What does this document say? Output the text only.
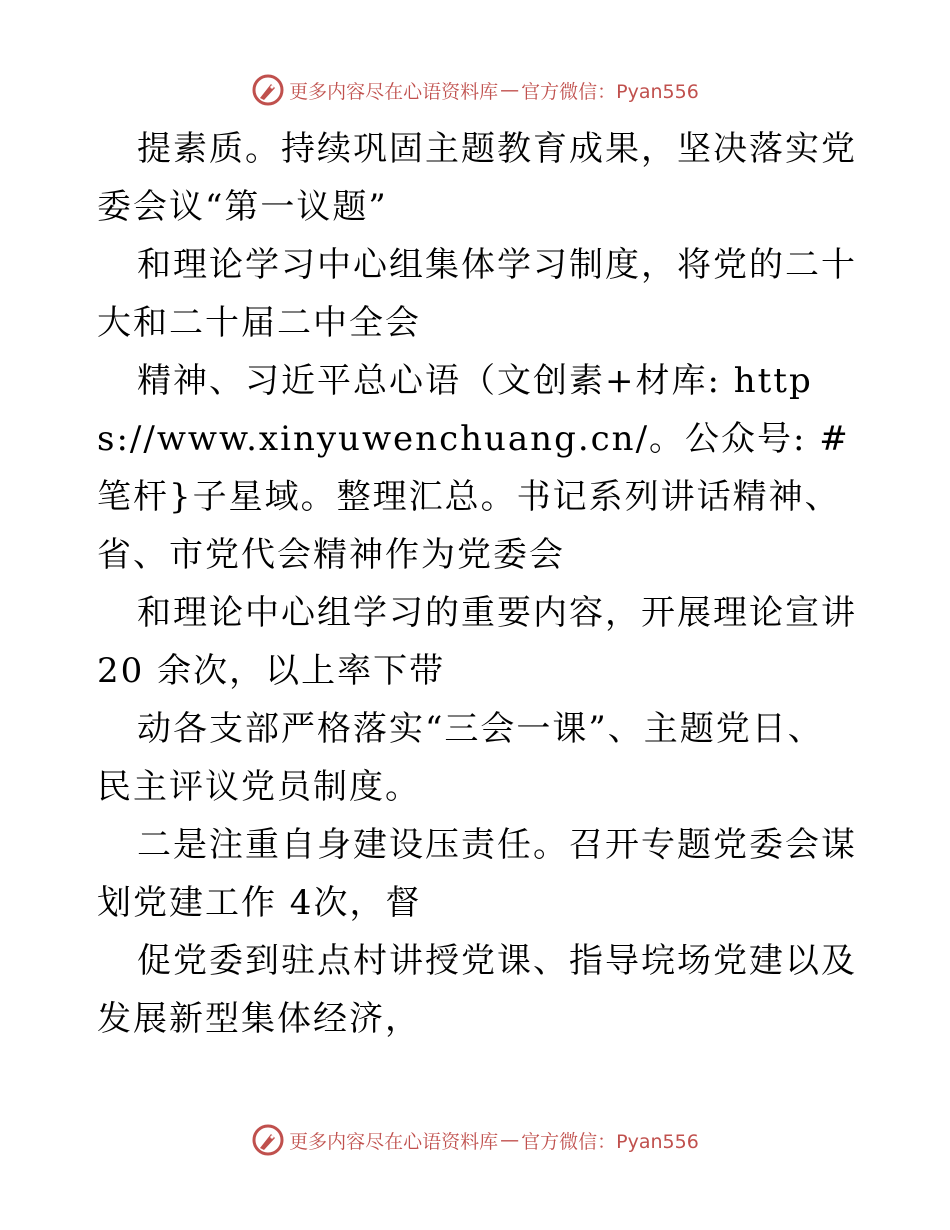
更多内容尽在心语资料库 — 官方微信：Pyan556

提素质。持续巩固主题教育成果，坚决落实党委会议“第一议题”

和理论学习中心组集体学习制度，将党的二十大和二十届二中全会

精神、习近平总心语（文创素+材库: https://www.xinyuwenchuang.cn/。公众号: #笔杆}子星域。整理汇总。书记系列讲话精神、省、市党代会精神作为党委会

和理论中心组学习的重要内容，开展理论宣讲 20 余次，以上率下带

动各支部严格落实“三会一课”、主题党日、民主评议党员制度。

二是注重自身建设压责任。召开专题党委会谋划党建工作 4次，督

促党委到驻点村讲授党课、指导垸场党建以及发展新型集体经济，

更多内容尽在心语资料库 — 官方微信：Pyan556
